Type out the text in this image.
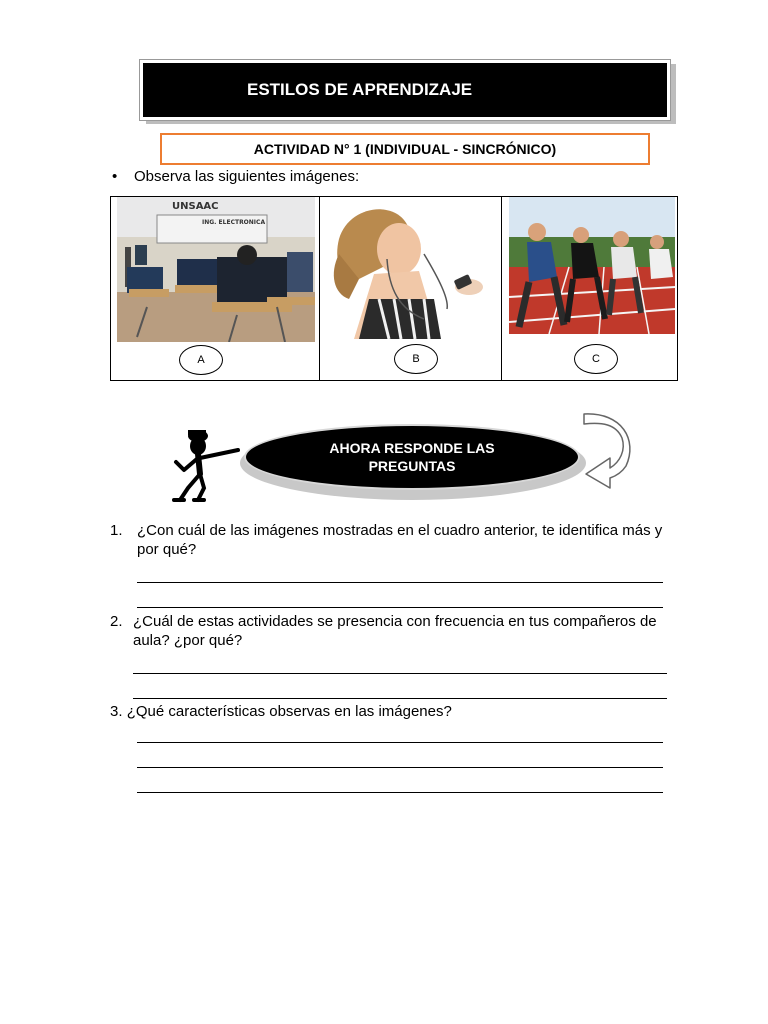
ESTILOS DE APRENDIZAJE
ACTIVIDAD N° 1 (INDIVIDUAL - SINCRÓNICO)
• Observa las siguientes imágenes:
UNSAAC
ING. ELECTRONICA
A	B	C
AHORA RESPONDE LAS
PREGUNTAS
1. ¿Con cuál de las imágenes mostradas en el cuadro anterior, te identifica más y
por qué?
2. ¿Cuál de estas actividades se presencia con frecuencia en tus compañeros de
aula? ¿por qué?
3. ¿Qué características observas en las imágenes?
